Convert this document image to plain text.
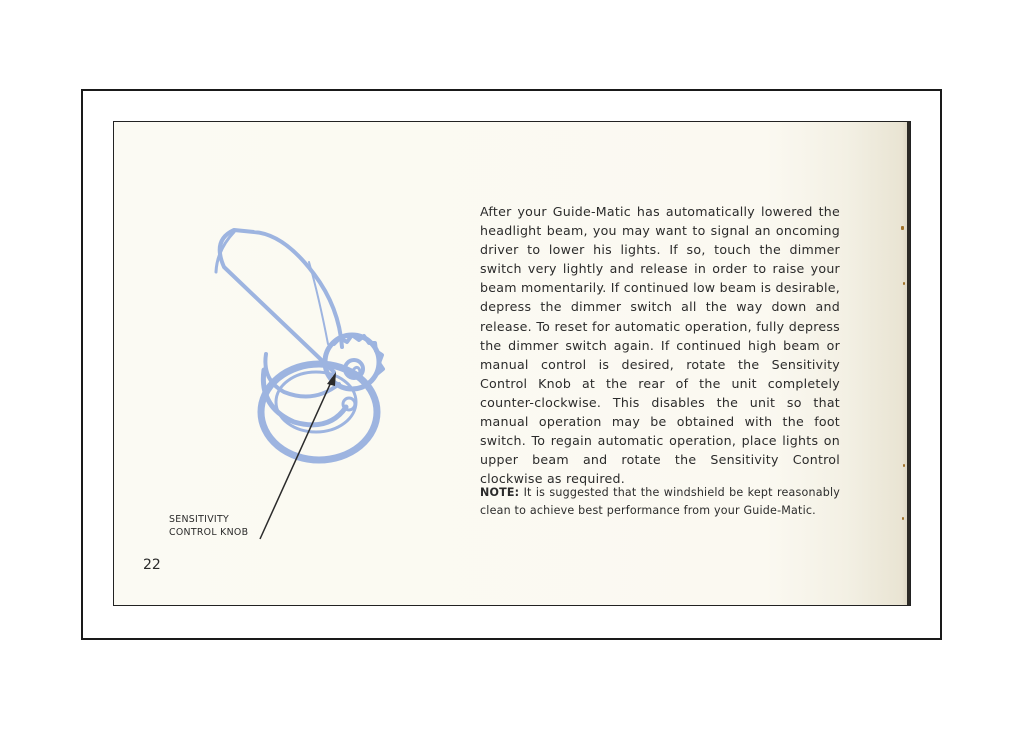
After your Guide-Matic has automatically lowered the headlight beam, you may want to signal an oncoming driver to lower his lights. If so, touch the dimmer switch very lightly and release in order to raise your beam momentarily. If continued low beam is desirable, depress the dimmer switch all the way down and release. To reset for automatic operation, fully depress the dimmer switch again. If continued high beam or manual control is desired, rotate the Sensitivity Control Knob at the rear of the unit completely counter-clockwise. This disables the unit so that manual operation may be obtained with the foot switch. To regain automatic operation, place lights on upper beam and rotate the Sensitivity Control clockwise as required.

NOTE: It is suggested that the windshield be kept reasonably clean to achieve best performance from your Guide-Matic.

SENSITIVITY
CONTROL KNOB
22
